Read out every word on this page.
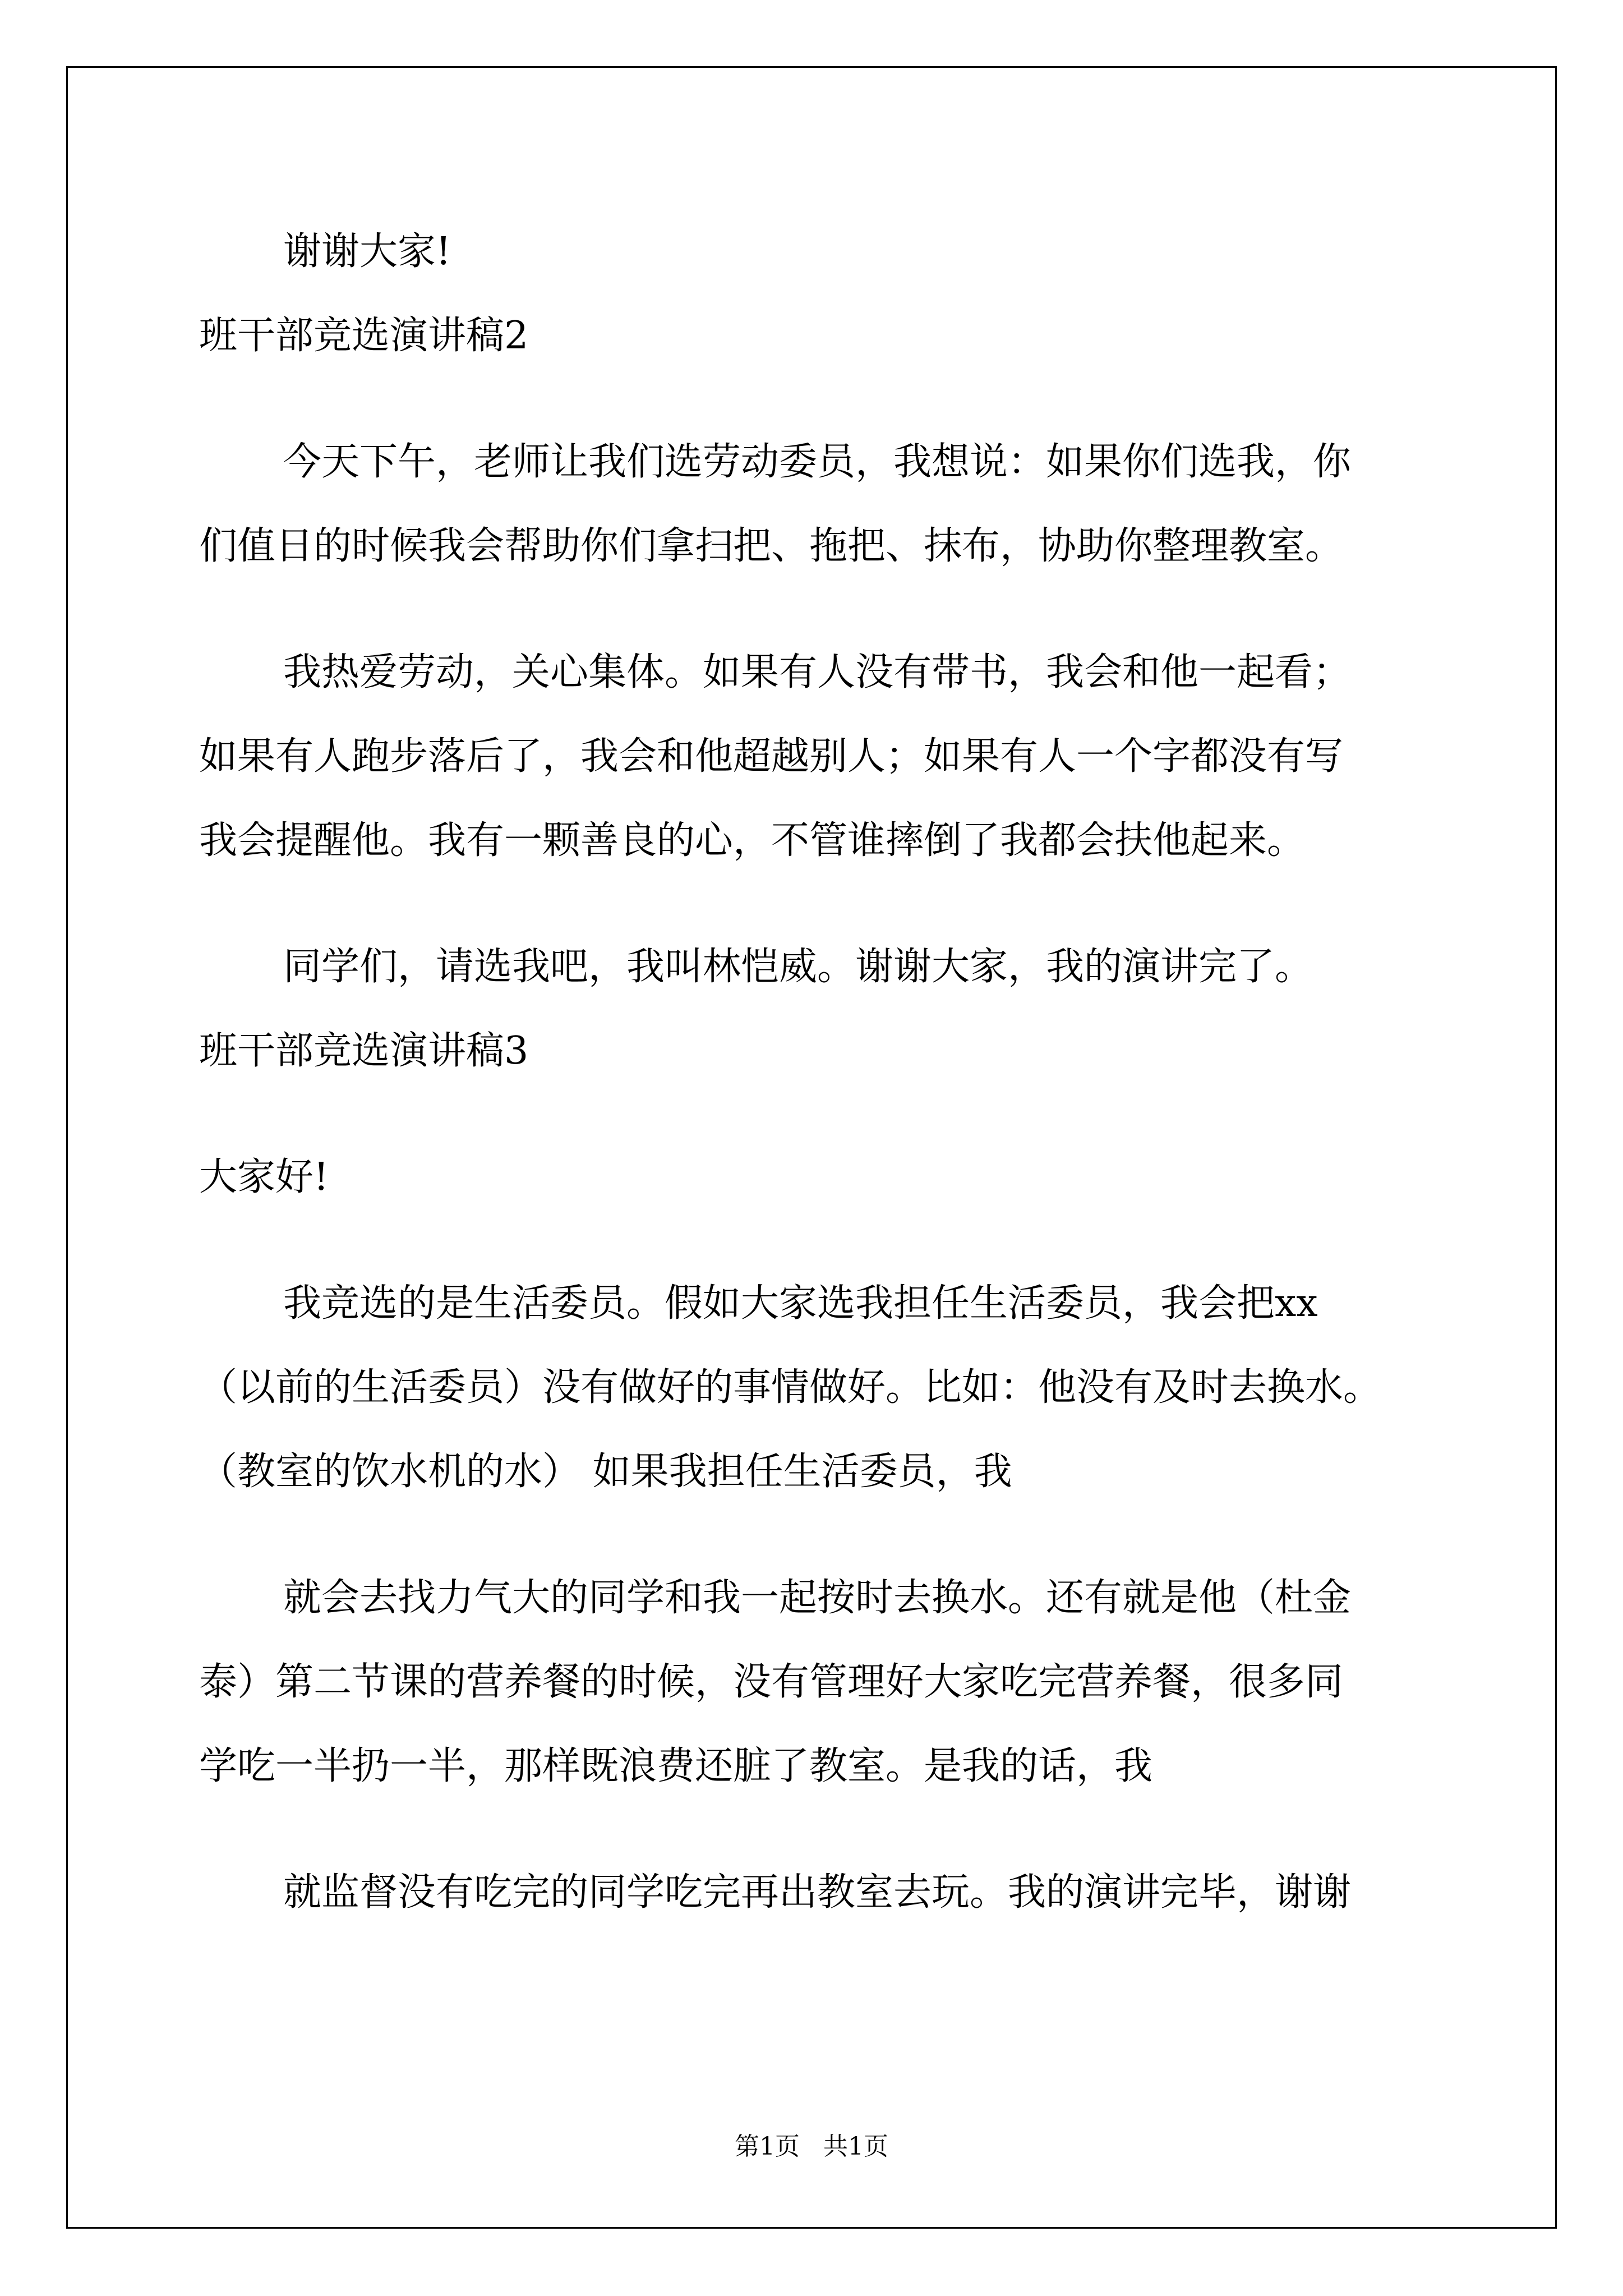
谢谢大家!
班干部竞选演讲稿2
今天下午，老师让我们选劳动委员，我想说：如果你们选我，你
们值日的时候我会帮助你们拿扫把、拖把、抹布，协助你整理教室。
我热爱劳动，关心集体。如果有人没有带书，我会和他一起看；
如果有人跑步落后了，我会和他超越别人；如果有人一个字都没有写
我会提醒他。我有一颗善良的心，不管谁摔倒了我都会扶他起来。
同学们，请选我吧，我叫林恺威。谢谢大家，我的演讲完了。
班干部竞选演讲稿3
大家好!
我竞选的是生活委员。假如大家选我担任生活委员，我会把xx
（以前的生活委员）没有做好的事情做好。比如：他没有及时去换水。
（教室的饮水机的水） 如果我担任生活委员，我
就会去找力气大的同学和我一起按时去换水。还有就是他（杜金
泰）第二节课的营养餐的时候，没有管理好大家吃完营养餐，很多同
学吃一半扔一半，那样既浪费还脏了教室。是我的话，我
就监督没有吃完的同学吃完再出教室去玩。我的演讲完毕，谢谢
第1页   共1页
